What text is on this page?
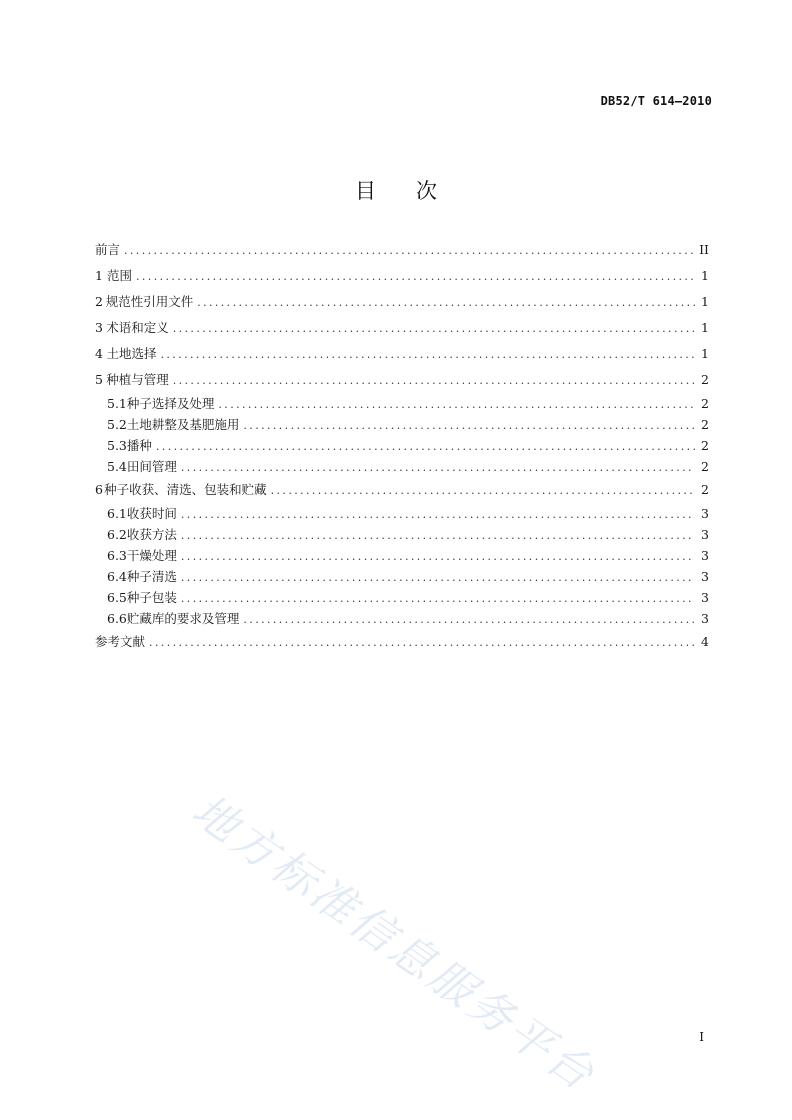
DB52/T 614—2010
目 次
前言 .....	II
1 范围 .....	1
2 规范性引用文件 .....	1
3 术语和定义 .....	1
4 土地选择 .....	1
5 种植与管理 .....	2
5.1 种子选择及处理 .....	2
5.2 土地耕整及基肥施用 .....	2
5.3 播种 .....	2
5.4 田间管理 .....	2
6 种子收获、清选、包装和贮藏 .....	2
6.1 收获时间 .....	3
6.2 收获方法 .....	3
6.3 干燥处理 .....	3
6.4 种子清选 .....	3
6.5 种子包装 .....	3
6.6 贮藏库的要求及管理 .....	3
参考文献 .....	4
地方标准信息服务平台	I
